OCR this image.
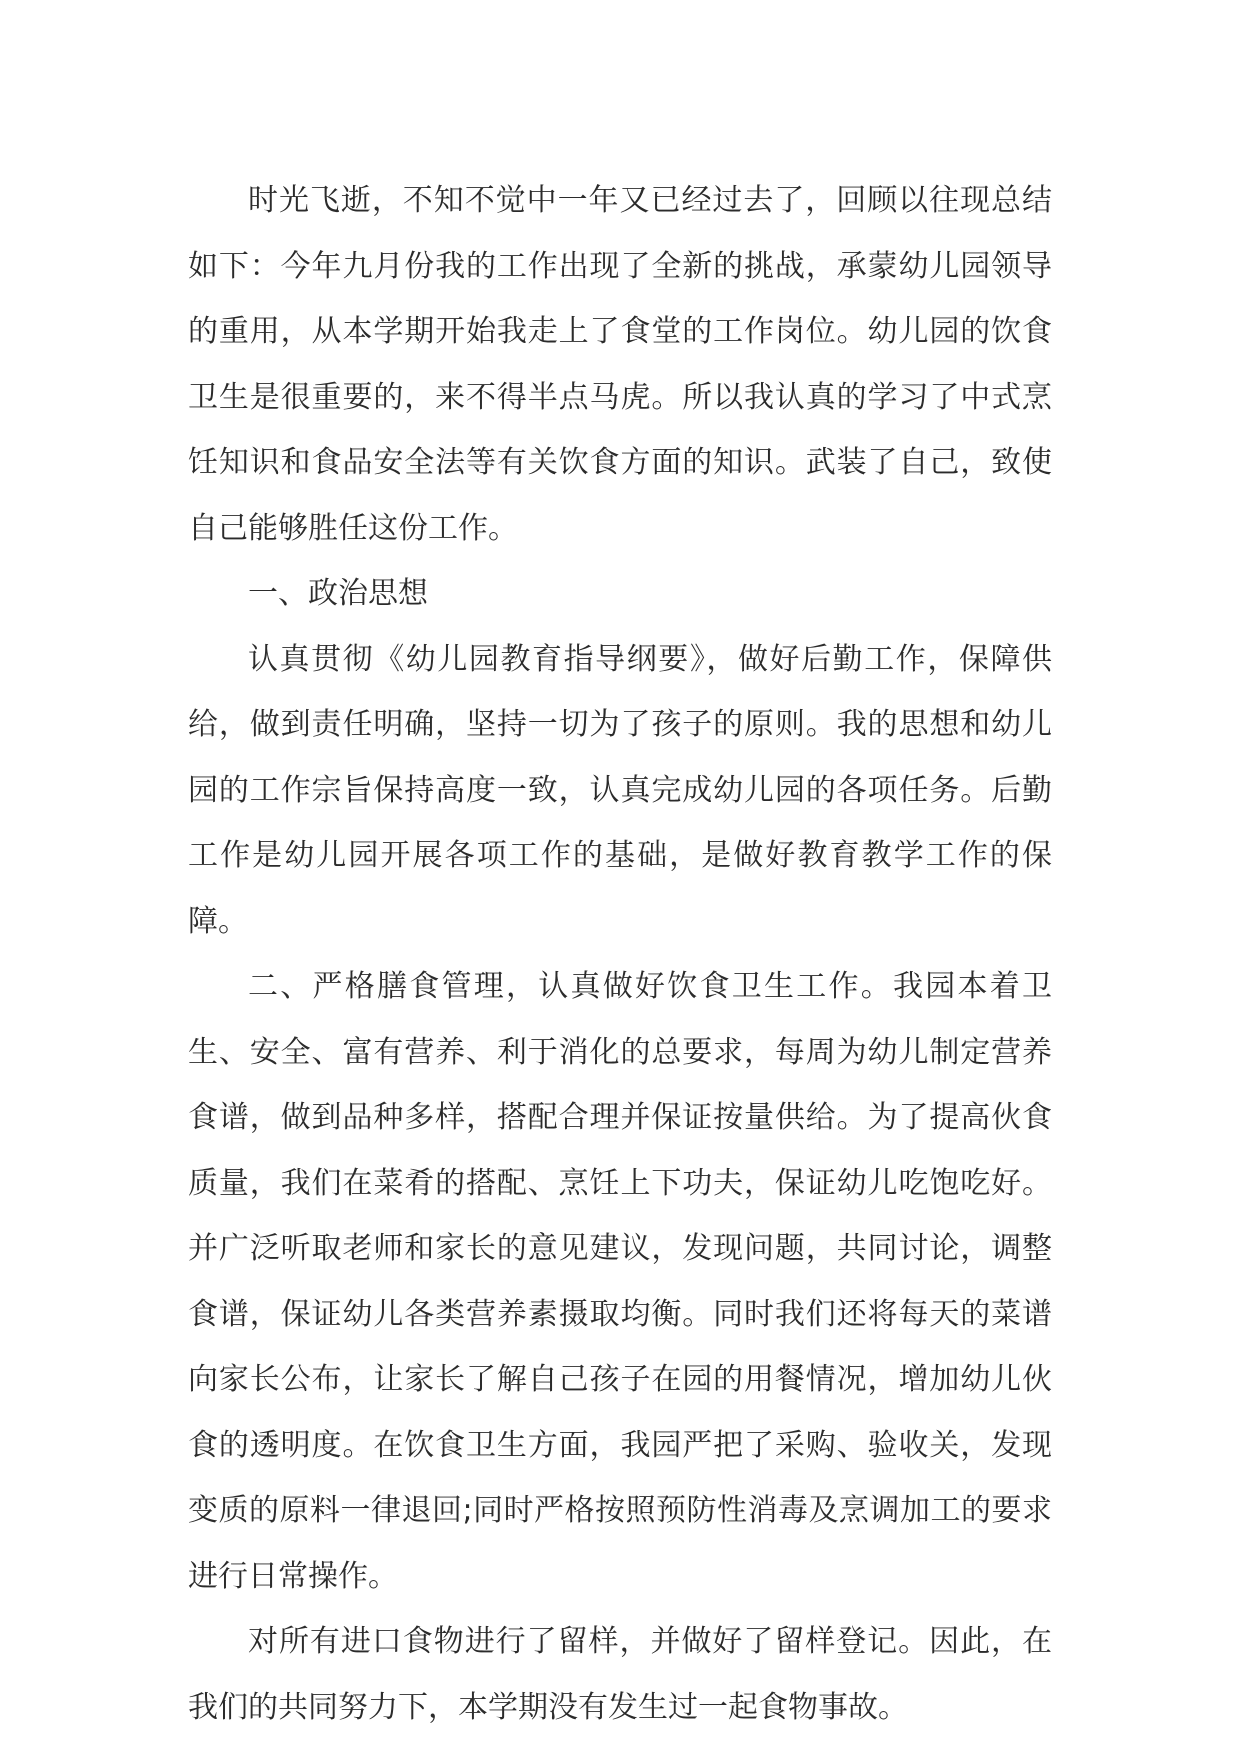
时光飞逝，不知不觉中一年又已经过去了，回顾以往现总结如下：今年九月份我的工作出现了全新的挑战，承蒙幼儿园领导的重用，从本学期开始我走上了食堂的工作岗位。幼儿园的饮食卫生是很重要的，来不得半点马虎。所以我认真的学习了中式烹饪知识和食品安全法等有关饮食方面的知识。武装了自己，致使自己能够胜任这份工作。

一、政治思想

认真贯彻《幼儿园教育指导纲要》，做好后勤工作，保障供给，做到责任明确，坚持一切为了孩子的原则。我的思想和幼儿园的工作宗旨保持高度一致，认真完成幼儿园的各项任务。后勤工作是幼儿园开展各项工作的基础，是做好教育教学工作的保障。

二、严格膳食管理，认真做好饮食卫生工作。我园本着卫生、安全、富有营养、利于消化的总要求，每周为幼儿制定营养食谱，做到品种多样，搭配合理并保证按量供给。为了提高伙食质量，我们在菜肴的搭配、烹饪上下功夫，保证幼儿吃饱吃好。并广泛听取老师和家长的意见建议，发现问题，共同讨论，调整食谱，保证幼儿各类营养素摄取均衡。同时我们还将每天的菜谱向家长公布，让家长了解自己孩子在园的用餐情况，增加幼儿伙食的透明度。在饮食卫生方面，我园严把了采购、验收关，发现变质的原料一律退回;同时严格按照预防性消毒及烹调加工的要求进行日常操作。

对所有进口食物进行了留样，并做好了留样登记。因此，在我们的共同努力下，本学期没有发生过一起食物事故。
